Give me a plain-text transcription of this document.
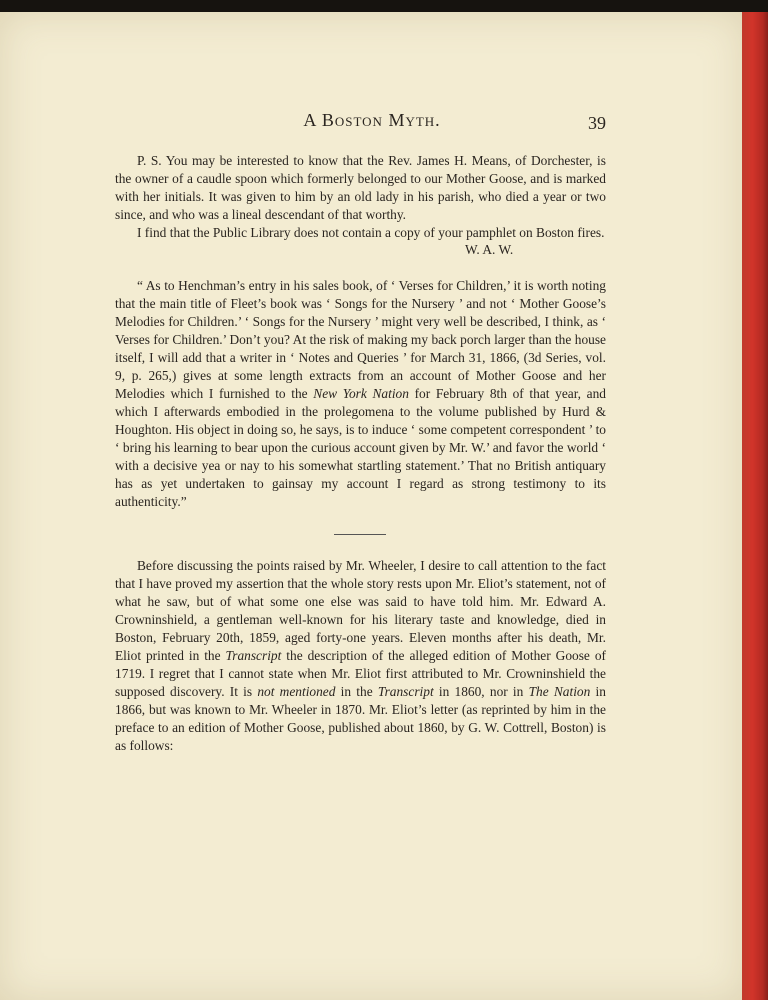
A Boston Myth.	39
P. S. You may be interested to know that the Rev. James H. Means, of Dorchester, is the owner of a caudle spoon which formerly belonged to our Mother Goose, and is marked with her initials. It was given to him by an old lady in his parish, who died a year or two since, and who was a lineal descendant of that worthy.
I find that the Public Library does not contain a copy of your pamphlet on Boston fires.
W. A. W.
“ As to Henchman’s entry in his sales book, of ‘ Verses for Children,’ it is worth noting that the main title of Fleet’s book was ‘ Songs for the Nursery ’ and not ‘ Mother Goose’s Melodies for Children.’ ‘ Songs for the Nursery ’ might very well be described, I think, as ‘ Verses for Children.’ Don’t you? At the risk of making my back porch larger than the house itself, I will add that a writer in ‘ Notes and Queries ’ for March 31, 1866, (3d Series, vol. 9, p. 265,) gives at some length extracts from an account of Mother Goose and her Melodies which I furnished to the New York Nation for February 8th of that year, and which I afterwards embodied in the prolegomena to the volume published by Hurd & Houghton. His object in doing so, he says, is to induce ‘ some competent correspondent ’ to ‘ bring his learning to bear upon the curious account given by Mr. W.’ and favor the world ‘ with a decisive yea or nay to his somewhat startling statement.’ That no British antiquary has as yet undertaken to gainsay my account I regard as strong testimony to its authenticity.”
Before discussing the points raised by Mr. Wheeler, I desire to call attention to the fact that I have proved my assertion that the whole story rests upon Mr. Eliot’s statement, not of what he saw, but of what some one else was said to have told him. Mr. Edward A. Crowninshield, a gentleman well-known for his literary taste and knowledge, died in Boston, February 20th, 1859, aged forty-one years. Eleven months after his death, Mr. Eliot printed in the Transcript the description of the alleged edition of Mother Goose of 1719. I regret that I cannot state when Mr. Eliot first attributed to Mr. Crowninshield the supposed discovery. It is not mentioned in the Transcript in 1860, nor in The Nation in 1866, but was known to Mr. Wheeler in 1870. Mr. Eliot’s letter (as reprinted by him in the preface to an edition of Mother Goose, published about 1860, by G. W. Cottrell, Boston) is as follows:
